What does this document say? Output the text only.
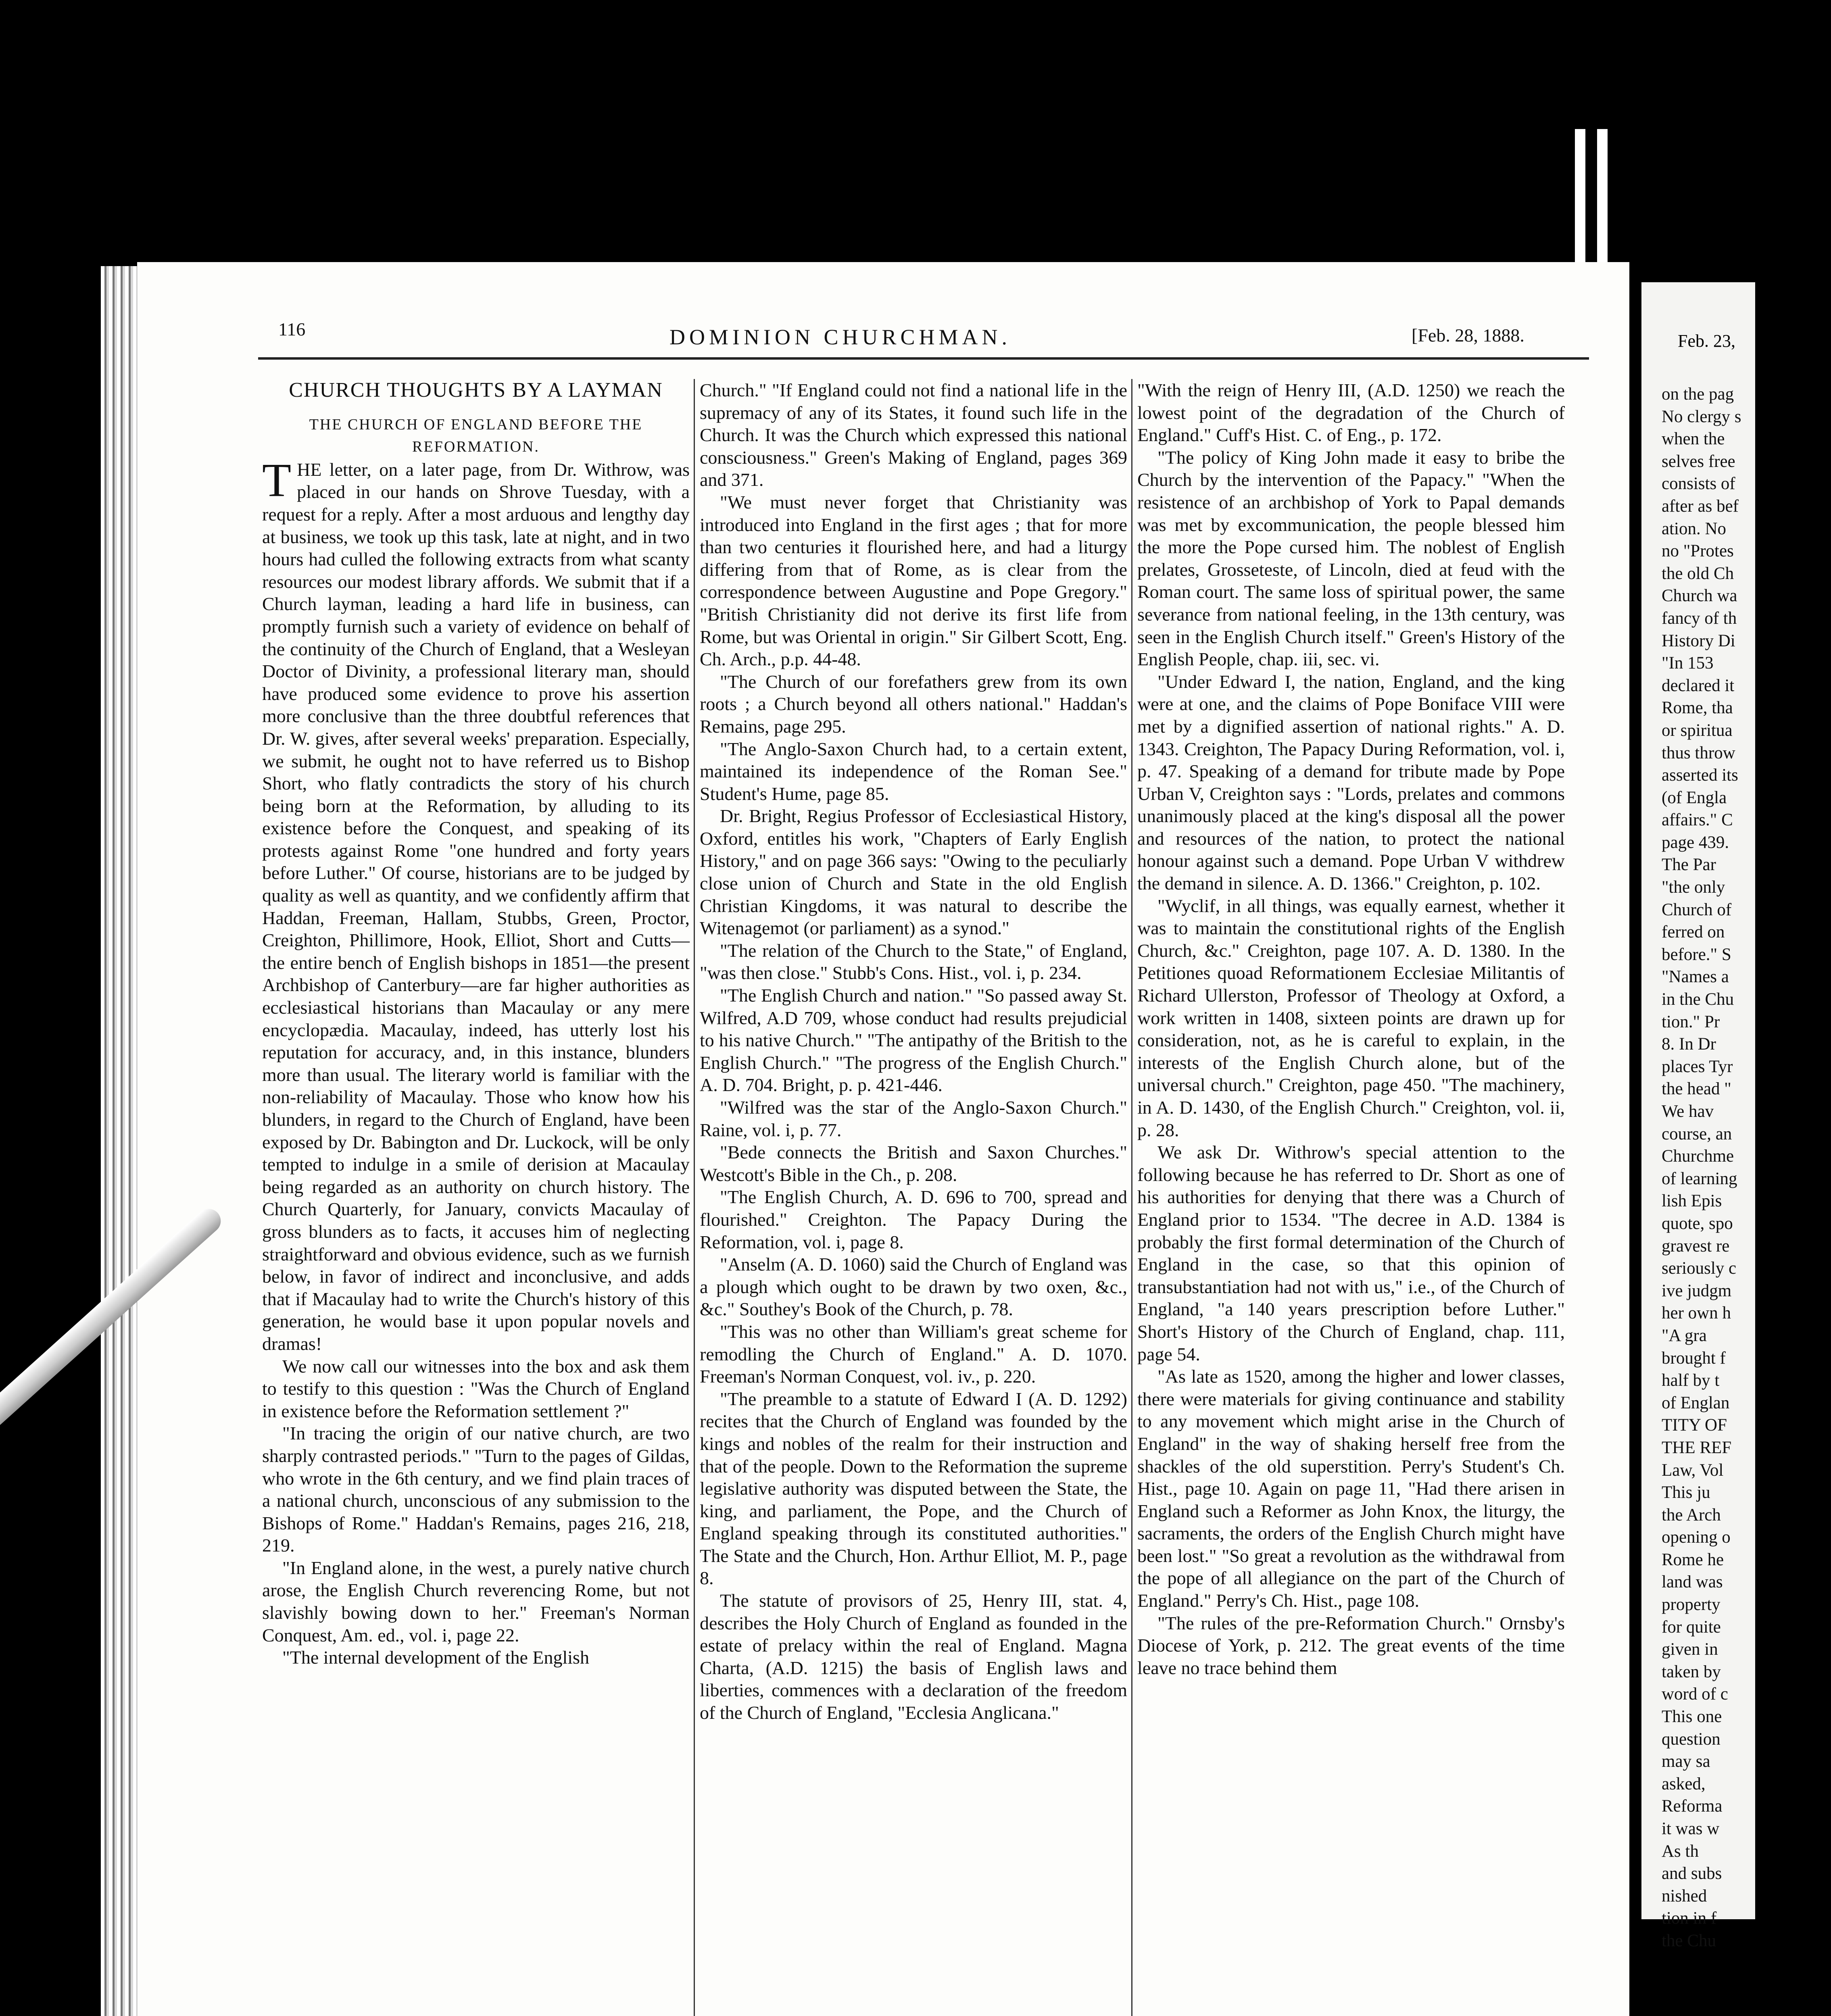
116	DOMINION CHURCHMAN.	[Feb. 28, 1888.
CHURCH THOUGHTS BY A LAYMAN

THE CHURCH OF ENGLAND BEFORE THE REFORMATION.

THE letter, on a later page, from Dr. Withrow, was placed in our hands on Shrove Tuesday, with a request for a reply. After a most arduous and lengthy day at business, we took up this task, late at night, and in two hours had culled the following extracts from what scanty resources our modest library affords. We submit that if a Church layman, leading a hard life in business, can promptly furnish such a variety of evidence on behalf of the continuity of the Church of England, that a Wesleyan Doctor of Divinity, a professional literary man, should have produced some evidence to prove his assertion more conclusive than the three doubtful references that Dr. W. gives, after several weeks' preparation. Especially, we submit, he ought not to have referred us to Bishop Short, who flatly contradicts the story of his church being born at the Reformation, by alluding to its existence before the Conquest, and speaking of its protests against Rome "one hundred and forty years before Luther." Of course, historians are to be judged by quality as well as quantity, and we confidently affirm that Haddan, Freeman, Hallam, Stubbs, Green, Proctor, Creighton, Phillimore, Hook, Elliot, Short and Cutts—the entire bench of English bishops in 1851—the present Archbishop of Canterbury—are far higher authorities as ecclesiastical historians than Macaulay or any mere encyclopædia. Macaulay, indeed, has utterly lost his reputation for accuracy, and, in this instance, blunders more than usual. The literary world is familiar with the non-reliability of Macaulay. Those who know how his blunders, in regard to the Church of England, have been exposed by Dr. Babington and Dr. Luckock, will be only tempted to indulge in a smile of derision at Macaulay being regarded as an authority on church history. The Church Quarterly, for January, convicts Macaulay of gross blunders as to facts, it accuses him of neglecting straightforward and obvious evidence, such as we furnish below, in favor of indirect and inconclusive, and adds that if Macaulay had to write the Church's history of this generation, he would base it upon popular novels and dramas!

We now call our witnesses into the box and ask them to testify to this question : "Was the Church of England in existence before the Reformation settlement ?"

"In tracing the origin of our native church, are two sharply contrasted periods." "Turn to the pages of Gildas, who wrote in the 6th century, and we find plain traces of a national church, unconscious of any submission to the Bishops of Rome." Haddan's Remains, pages 216, 218, 219.

"In England alone, in the west, a purely native church arose, the English Church reverencing Rome, but not slavishly bowing down to her." Freeman's Norman Conquest, Am. ed., vol. i, page 22.

"The internal development of the English

Church." "If England could not find a national life in the supremacy of any of its States, it found such life in the Church. It was the Church which expressed this national consciousness." Green's Making of England, pages 369 and 371.

"We must never forget that Christianity was introduced into England in the first ages ; that for more than two centuries it flourished here, and had a liturgy differing from that of Rome, as is clear from the correspondence between Augustine and Pope Gregory." "British Christianity did not derive its first life from Rome, but was Oriental in origin." Sir Gilbert Scott, Eng. Ch. Arch., p.p. 44-48.

"The Church of our forefathers grew from its own roots ; a Church beyond all others national." Haddan's Remains, page 295.

"The Anglo-Saxon Church had, to a certain extent, maintained its independence of the Roman See." Student's Hume, page 85.

Dr. Bright, Regius Professor of Ecclesiastical History, Oxford, entitles his work, "Chapters of Early English History," and on page 366 says: "Owing to the peculiarly close union of Church and State in the old English Christian Kingdoms, it was natural to describe the Witenagemot (or parliament) as a synod."

"The relation of the Church to the State," of England, "was then close." Stubb's Cons. Hist., vol. i, p. 234.

"The English Church and nation." "So passed away St. Wilfred, A.D 709, whose conduct had results prejudicial to his native Church." "The antipathy of the British to the English Church." "The progress of the English Church." A. D. 704. Bright, p. p. 421-446.

"Wilfred was the star of the Anglo-Saxon Church." Raine, vol. i, p. 77.

"Bede connects the British and Saxon Churches." Westcott's Bible in the Ch., p. 208.

"The English Church, A. D. 696 to 700, spread and flourished." Creighton. The Papacy During the Reformation, vol. i, page 8.

"Anselm (A. D. 1060) said the Church of England was a plough which ought to be drawn by two oxen, &c., &c." Southey's Book of the Church, p. 78.

"This was no other than William's great scheme for remodling the Church of England." A. D. 1070. Freeman's Norman Conquest, vol. iv., p. 220.

"The preamble to a statute of Edward I (A. D. 1292) recites that the Church of England was founded by the kings and nobles of the realm for their instruction and that of the people. Down to the Reformation the supreme legislative authority was disputed between the State, the king, and parliament, the Pope, and the Church of England speaking through its constituted authorities." The State and the Church, Hon. Arthur Elliot, M. P., page 8.

The statute of provisors of 25, Henry III, stat. 4, describes the Holy Church of England as founded in the estate of prelacy within the real of England. Magna Charta, (A.D. 1215) the basis of English laws and liberties, commences with a declaration of the freedom of the Church of England, "Ecclesia Anglicana."

"With the reign of Henry III, (A.D. 1250) we reach the lowest point of the degradation of the Church of England." Cuff's Hist. C. of Eng., p. 172.

"The policy of King John made it easy to bribe the Church by the intervention of the Papacy." "When the resistence of an archbishop of York to Papal demands was met by excommunication, the people blessed him the more the Pope cursed him. The noblest of English prelates, Grosseteste, of Lincoln, died at feud with the Roman court. The same loss of spiritual power, the same severance from national feeling, in the 13th century, was seen in the English Church itself." Green's History of the English People, chap. iii, sec. vi.

"Under Edward I, the nation, England, and the king were at one, and the claims of Pope Boniface VIII were met by a dignified assertion of national rights." A. D. 1343. Creighton, The Papacy During Reformation, vol. i, p. 47. Speaking of a demand for tribute made by Pope Urban V, Creighton says : "Lords, prelates and commons unanimously placed at the king's disposal all the power and resources of the nation, to protect the national honour against such a demand. Pope Urban V withdrew the demand in silence. A. D. 1366." Creighton, p. 102.

"Wyclif, in all things, was equally earnest, whether it was to maintain the constitutional rights of the English Church, &c." Creighton, page 107. A. D. 1380. In the Petitiones quoad Reformationem Ecclesiae Militantis of Richard Ullerston, Professor of Theology at Oxford, a work written in 1408, sixteen points are drawn up for consideration, not, as he is careful to explain, in the interests of the English Church alone, but of the universal church." Creighton, page 450. "The machinery, in A. D. 1430, of the English Church." Creighton, vol. ii, p. 28.

We ask Dr. Withrow's special attention to the following because he has referred to Dr. Short as one of his authorities for denying that there was a Church of England prior to 1534. "The decree in A.D. 1384 is probably the first formal determination of the Church of England in the case, so that this opinion of transubstantiation had not with us," i.e., of the Church of England, "a 140 years prescription before Luther." Short's History of the Church of England, chap. 111, page 54.

"As late as 1520, among the higher and lower classes, there were materials for giving continuance and stability to any movement which might arise in the Church of England" in the way of shaking herself free from the shackles of the old superstition. Perry's Student's Ch. Hist., page 10. Again on page 11, "Had there arisen in England such a Reformer as John Knox, the liturgy, the sacraments, the orders of the English Church might have been lost." "So great a revolution as the withdrawal from the pope of all allegiance on the part of the Church of England." Perry's Ch. Hist., page 108.

"The rules of the pre-Reformation Church." Ornsby's Diocese of York, p. 212. The great events of the time leave no trace behind them

Feb. 23,
on the pag
No clergy s
when the
selves free
consists of
after as bef
ation. No
no "Protes
the old Ch
Church wa
fancy of th
History Di
"In 153
declared it
Rome, tha
or spiritua
thus throw
asserted its
(of Engla
affairs." C
page 439.
The Par
"the only
Church of
ferred on
before." S
"Names a
in the Chu
tion." Pr
8. In Dr
places Tyr
the head "
We hav
course, an
Churchme
of learning
lish Epis
quote, spo
gravest re
seriously c
ive judgm
her own h
"A gra
brought f
half by t
of Englan
TITY OF
THE REF
Law, Vol
This ju
the Arch
opening o
Rome he
land was
property
for quite
given in
taken by
word of c
This one
question
may sa
asked,
Reforma
it was w
As th
and subs
nished
tion in f
the Chu
